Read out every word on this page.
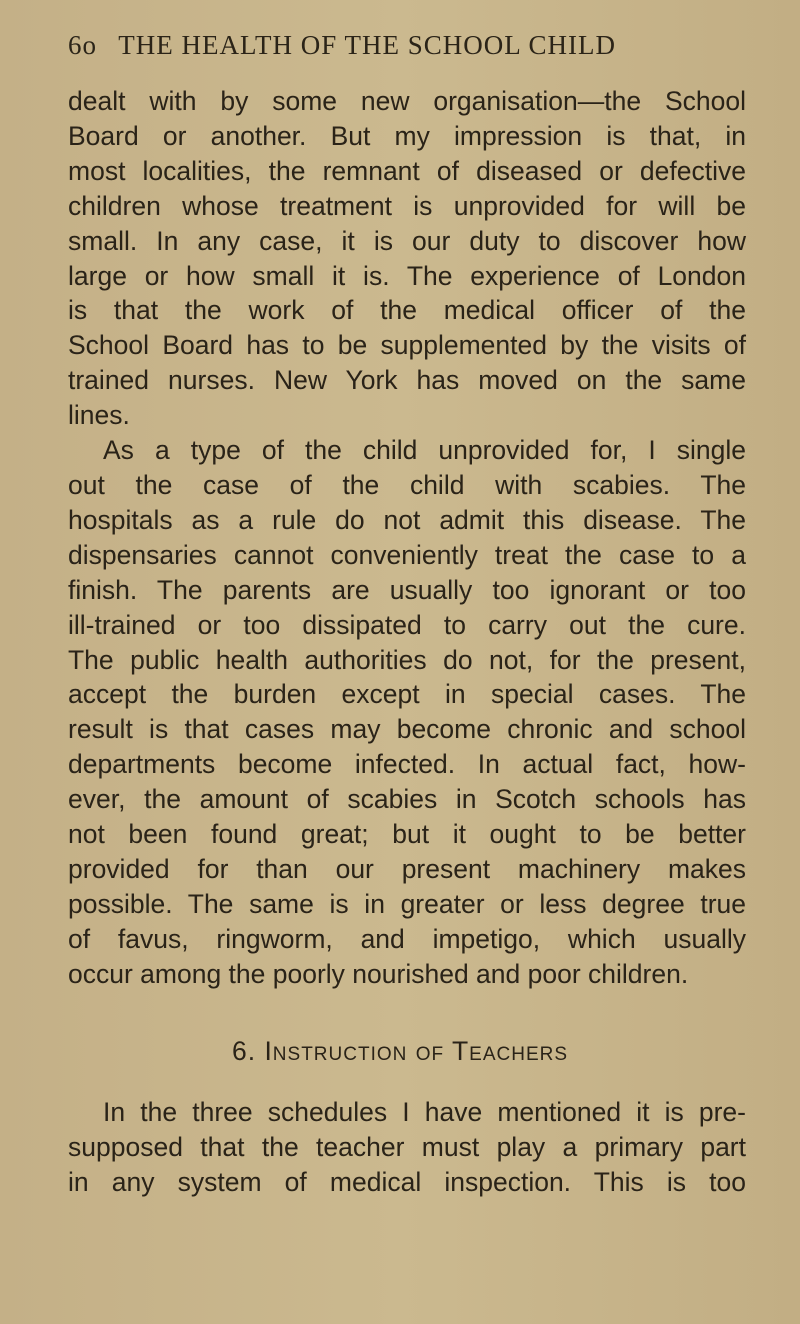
6o THE HEALTH OF THE SCHOOL CHILD
dealt with by some new organisation—the School
Board or another. But my impression is that, in
most localities, the remnant of diseased or defective
children whose treatment is unprovided for will be
small. In any case, it is our duty to discover how
large or how small it is. The experience of London
is that the work of the medical officer of the
School Board has to be supplemented by the visits of
trained nurses. New York has moved on the same
lines.
As a type of the child unprovided for, I single
out the case of the child with scabies. The
hospitals as a rule do not admit this disease. The
dispensaries cannot conveniently treat the case to a
finish. The parents are usually too ignorant or too
ill-trained or too dissipated to carry out the cure.
The public health authorities do not, for the present,
accept the burden except in special cases. The
result is that cases may become chronic and school
departments become infected. In actual fact, how-
ever, the amount of scabies in Scotch schools has
not been found great; but it ought to be better
provided for than our present machinery makes
possible. The same is in greater or less degree true
of favus, ringworm, and impetigo, which usually
occur among the poorly nourished and poor children.
6. Instruction of Teachers
In the three schedules I have mentioned it is pre-
supposed that the teacher must play a primary part
in any system of medical inspection. This is too
